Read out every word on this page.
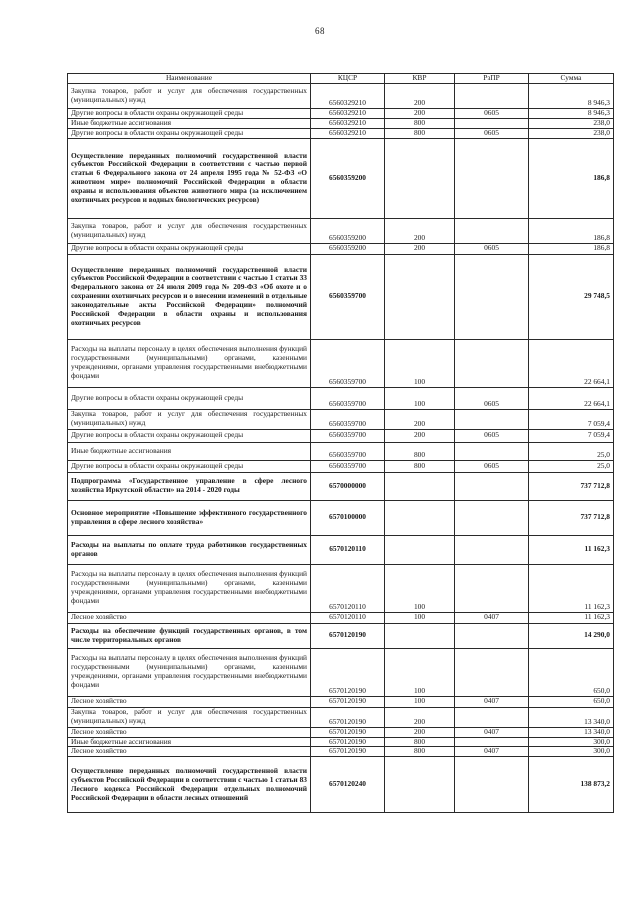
68
Наименование	КЦСР	КВР	РзПР	Сумма
Закупка товаров, работ и услуг для обеспечения государственных (муниципальных) нужд	6560329210	200		8 946,3
Другие вопросы в области охраны окружающей среды	6560329210	200	0605	8 946,3
Иные бюджетные ассигнования	6560329210	800		238,0
Другие вопросы в области охраны окружающей среды	6560329210	800	0605	238,0
Осуществление переданных полномочий государственной власти субъектов Российской Федерации в соответствии с частью первой статьи 6 Федерального закона от 24 апреля 1995 года № 52-ФЗ «О животном мире» полномочий Российской Федерации в области охраны и использования объектов животного мира (за исключением охотничьих ресурсов и водных биологических ресурсов)	6560359200			186,8
Закупка товаров, работ и услуг для обеспечения государственных (муниципальных) нужд	6560359200	200		186,8
Другие вопросы в области охраны окружающей среды	6560359200	200	0605	186,8
Осуществление переданных полномочий государственной власти субъектов Российской Федерации в соответствии с частью 1 статьи 33 Федерального закона от 24 июля 2009 года № 209-ФЗ «Об охоте и о сохранении охотничьих ресурсов и о внесении изменений в отдельные законодательные акты Российской Федерации» полномочий Российской Федерации в области охраны и использования охотничьих ресурсов	6560359700			29 748,5
Расходы на выплаты персоналу в целях обеспечения выполнения функций государственными (муниципальными) органами, казенными учреждениями, органами управления государственными внебюджетными фондами	6560359700	100		22 664,1
Другие вопросы в области охраны окружающей среды	6560359700	100	0605	22 664,1
Закупка товаров, работ и услуг для обеспечения государственных (муниципальных) нужд	6560359700	200		7 059,4
Другие вопросы в области охраны окружающей среды	6560359700	200	0605	7 059,4
Иные бюджетные ассигнования	6560359700	800		25,0
Другие вопросы в области охраны окружающей среды	6560359700	800	0605	25,0
Подпрограмма «Государственное управление в сфере лесного хозяйства Иркутской области» на 2014 - 2020 годы	6570000000			737 712,8
Основное мероприятие «Повышение эффективного государственного управления в сфере лесного хозяйства»	6570100000			737 712,8
Расходы на выплаты по оплате труда работников государственных органов	6570120110			11 162,3
Расходы на выплаты персоналу в целях обеспечения выполнения функций государственными (муниципальными) органами, казенными учреждениями, органами управления государственными внебюджетными фондами	6570120110	100		11 162,3
Лесное хозяйство	6570120110	100	0407	11 162,3
Расходы на обеспечение функций государственных органов, в том числе территориальных органов	6570120190			14 290,0
Расходы на выплаты персоналу в целях обеспечения выполнения функций государственными (муниципальными) органами, казенными учреждениями, органами управления государственными внебюджетными фондами	6570120190	100		650,0
Лесное хозяйство	6570120190	100	0407	650,0
Закупка товаров, работ и услуг для обеспечения государственных (муниципальных) нужд	6570120190	200		13 340,0
Лесное хозяйство	6570120190	200	0407	13 340,0
Иные бюджетные ассигнования	6570120190	800		300,0
Лесное хозяйство	6570120190	800	0407	300,0
Осуществление переданных полномочий государственной власти субъектов Российской Федерации в соответствии с частью 1 статьи 83 Лесного кодекса Российской Федерации отдельных полномочий Российской Федерации в области лесных отношений	6570120240			138 873,2
